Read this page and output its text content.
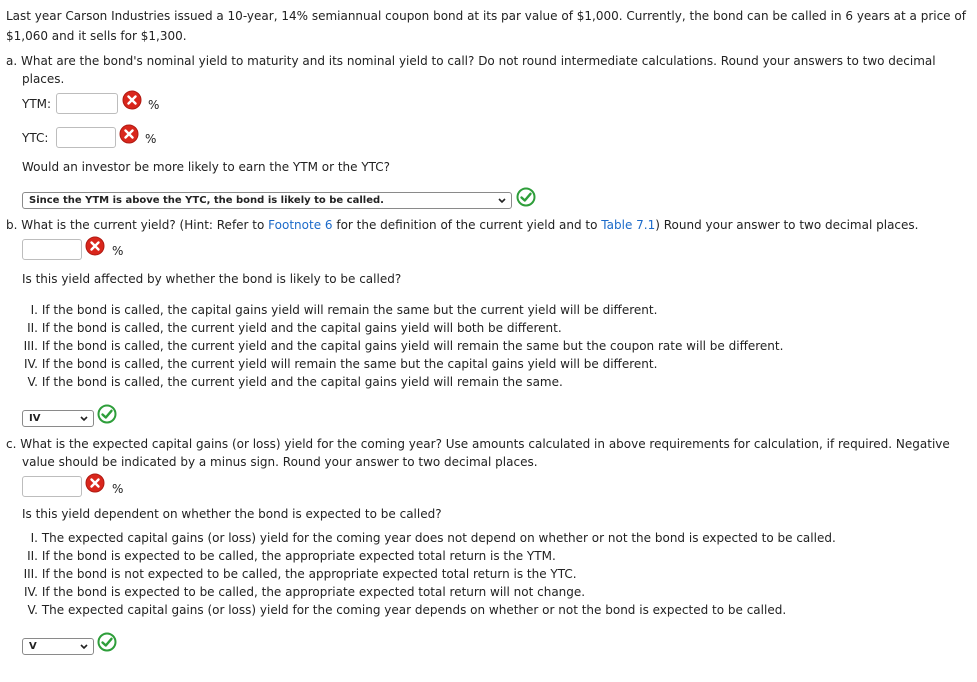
Last year Carson Industries issued a 10-year, 14% semiannual coupon bond at its par value of $1,000. Currently, the bond can be called in 6 years at a price of
$1,060 and it sells for $1,300.
a. What are the bond's nominal yield to maturity and its nominal yield to call? Do not round intermediate calculations. Round your answers to two decimal
places.
YTM:	%
YTC:	%
Would an investor be more likely to earn the YTM or the YTC?
Since the YTM is above the YTC, the bond is likely to be called.
b. What is the current yield? (Hint: Refer to Footnote 6 for the definition of the current yield and to Table 7.1) Round your answer to two decimal places.
%
Is this yield affected by whether the bond is likely to be called?
I. If the bond is called, the capital gains yield will remain the same but the current yield will be different.
II. If the bond is called, the current yield and the capital gains yield will both be different.
III. If the bond is called, the current yield and the capital gains yield will remain the same but the coupon rate will be different.
IV. If the bond is called, the current yield will remain the same but the capital gains yield will be different.
V. If the bond is called, the current yield and the capital gains yield will remain the same.
IV
c. What is the expected capital gains (or loss) yield for the coming year? Use amounts calculated in above requirements for calculation, if required. Negative
value should be indicated by a minus sign. Round your answer to two decimal places.
%
Is this yield dependent on whether the bond is expected to be called?
I. The expected capital gains (or loss) yield for the coming year does not depend on whether or not the bond is expected to be called.
II. If the bond is expected to be called, the appropriate expected total return is the YTM.
III. If the bond is not expected to be called, the appropriate expected total return is the YTC.
IV. If the bond is expected to be called, the appropriate expected total return will not change.
V. The expected capital gains (or loss) yield for the coming year depends on whether or not the bond is expected to be called.
V
